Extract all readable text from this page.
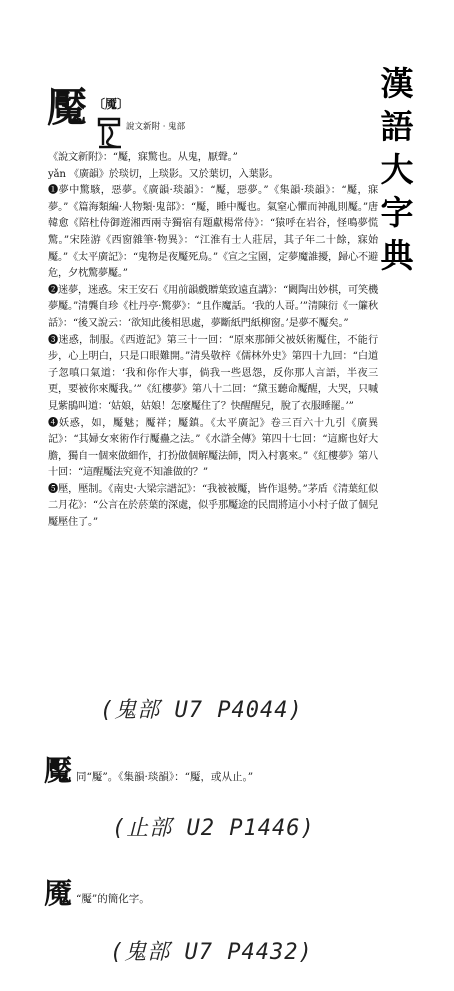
漢
語
大
字
典
魘 〔魇〕
說文新附 · 鬼部

《說文新附》：“魘，寐驚也。从鬼，厭聲。”

yǎn 《廣韻》於琰切，上琰影。又於葉切，入葉影。

❶夢中驚駭，惡夢。《廣韻·琰韻》：“魘，惡夢。”《集韻·琰韻》：“魘，寐夢。”《篇海類編·人物類·鬼部》：“魘，睡中魘也。氣窒心懼而神亂則魘。”唐韓愈《陪杜侍御遊湘西兩寺獨宿有題獻楊常侍》：“猿呼在岩谷，怪鳴夢慌驚。”宋陸游《西窗雜筆·物異》：“江淮有士人莊居，其子年二十餘，寐始魘。”《太平廣記》：“鬼物是夜魘死鳥。”《宣之宝園，定夢魔誰擾，歸心不避危，夕枕驚夢魘。”

❷迷夢，迷惑。宋王安石《用前韻戲贈葉致遠直講》：“闕陶出妙棋，可笑機夢魘。”清龔自珍《杜丹亭·驚夢》：“且作魔話。‘我的人哥。’”清陳衍《一簾秋話》：“後又說云：‘欲知此後相思處，夢斷紙門紙柳窗。’是夢不魘矣。”

❸迷惑，制服。《西遊記》第三十一回：“原來那師父被妖術魘住，不能行步，心上明白，只是口眼難開。”清吳敬梓《儒林外史》第四十九回：“白道子忽嗔口氣道：‘我和你作大事，倘我一些恩怨，反你那人言語，半夜三更，要被你來魘我。’”《紅樓夢》第八十二回：“黛玉聽命魘醒，大哭，只喊見紫鵑叫道：‘姑娘，姑娘！怎麼魘住了？快醒醒兒，脫了衣服睡罷。’”

❹妖惑，如，魘魅；魘祥；魘鎮。《太平廣記》卷三百六十九引《廣異記》：“其婦女來術作行魘蠱之法。”《水滸全傳》第四十七回：“這廝也好大膽，獨自一個來做細作，打扮做個解魘法師，閃入村裏來。”《紅樓夢》第八十回：“這醒魘法究竟不知誰做的？”

❺壓，壓制。《南史·大梁宗譜記》：“我被被魘，皆作退勢。”茅盾《清葉紅似二月花》：“公言在於菸葉的深處，似乎那魘途的民間將這小小村子做了個兒魘壓住了。”

(鬼部 U7 P4044)
魘 同“魘”。《集韻·琰韻》：“魘，或从止。”
(止部 U2 P1446)
魇 “魘”的簡化字。
(鬼部 U7 P4432)
